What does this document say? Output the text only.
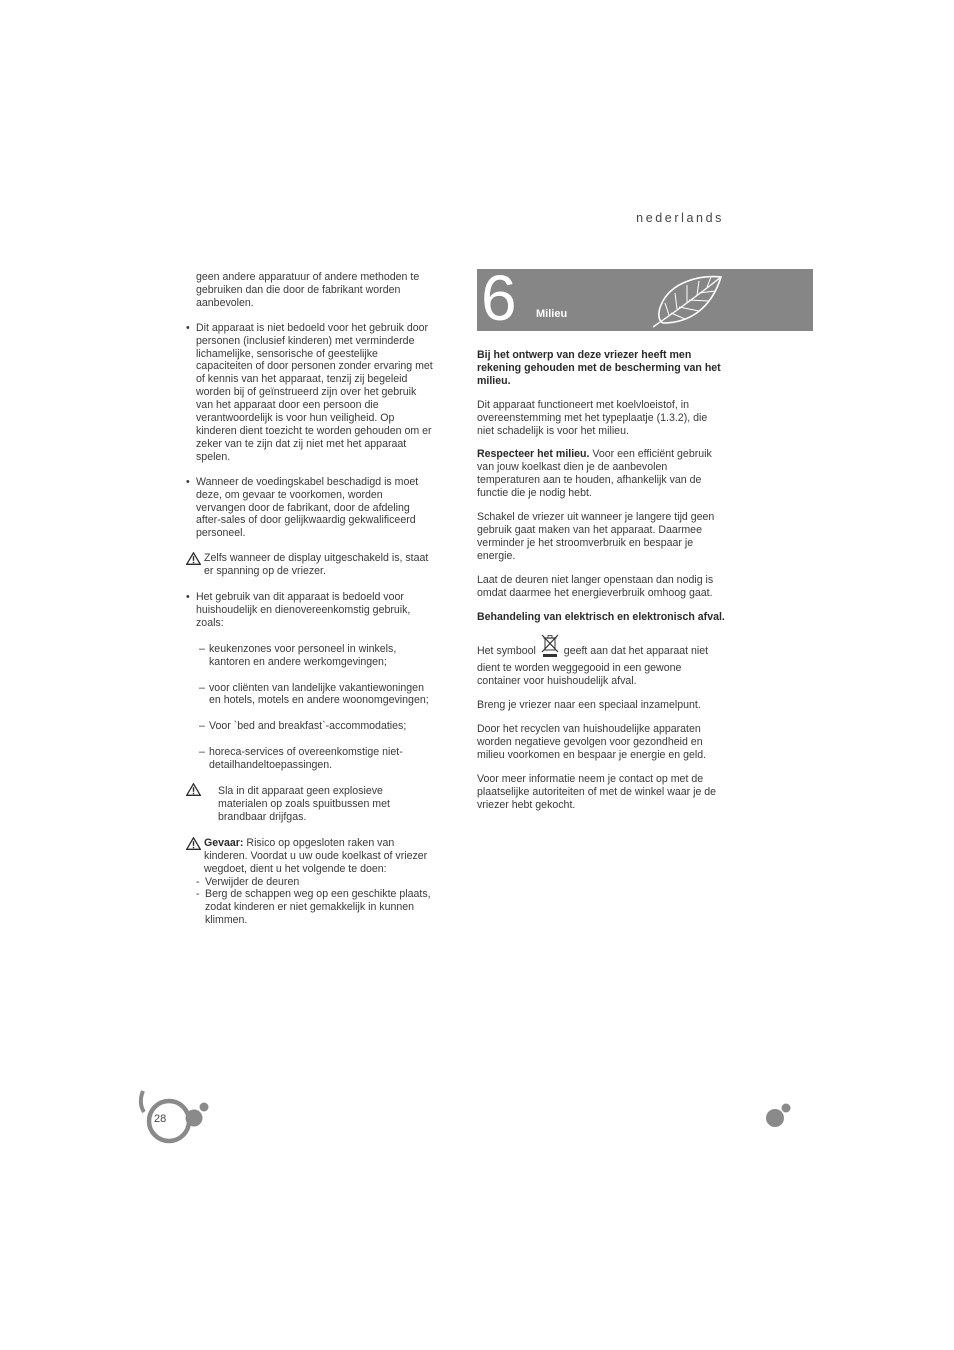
nederlands

geen andere apparatuur of andere methoden te gebruiken dan die door de fabrikant worden aanbevolen.

• Dit apparaat is niet bedoeld voor het gebruik door personen (inclusief kinderen) met verminderde lichamelijke, sensorische of geestelijke capaciteiten of door personen zonder ervaring met of kennis van het apparaat, tenzij zij begeleid worden bij of geïnstrueerd zijn over het gebruik van het apparaat door een persoon die verantwoordelijk is voor hun veiligheid. Op kinderen dient toezicht te worden gehouden om er zeker van te zijn dat zij niet met het apparaat spelen.

• Wanneer de voedingskabel beschadigd is moet deze, om gevaar te voorkomen, worden vervangen door de fabrikant, door de afdeling after-sales of door gelijkwaardig gekwalificeerd personeel.

Zelfs wanneer de display uitgeschakeld is, staat er spanning op de vriezer.

• Het gebruik van dit apparaat is bedoeld voor huishoudelijk en dienovereenkomstig gebruik, zoals:

– keukenzones voor personeel in winkels, kantoren en andere werkomgevingen;

– voor cliënten van landelijke vakantiewoningen en hotels, motels en andere woonomgevingen;

– Voor `bed and breakfast`-accommodaties;

– horeca-services of overeenkomstige niet-detailhandeltoepassingen.

Sla in dit apparaat geen explosieve materialen op zoals spuitbussen met brandbaar drijfgas.

Gevaar: Risico op opgesloten raken van kinderen. Voordat u uw oude koelkast of vriezer wegdoet, dient u het volgende te doen:

- Verwijder de deuren

- Berg de schappen weg op een geschikte plaats, zodat kinderen er niet gemakkelijk in kunnen klimmen.

6 Milieu

Bij het ontwerp van deze vriezer heeft men rekening gehouden met de bescherming van het milieu.

Dit apparaat functioneert met koelvloeistof, in overeenstemming met het typeplaatje (1.3.2), die niet schadelijk is voor het milieu.

Respecteer het milieu. Voor een efficiënt gebruik van jouw koelkast dien je de aanbevolen temperaturen aan te houden, afhankelijk van de functie die je nodig hebt.

Schakel de vriezer uit wanneer je langere tijd geen gebruik gaat maken van het apparaat. Daarmee verminder je het stroomverbruik en bespaar je energie.

Laat de deuren niet langer openstaan dan nodig is omdat daarmee het energieverbruik omhoog gaat.

Behandeling van elektrisch en elektronisch afval.

Het symbool	geeft aan dat het apparaat niet dient te worden weggegooid in een gewone container voor huishoudelijk afval.

Breng je vriezer naar een speciaal inzamelpunt.

Door het recyclen van huishoudelijke apparaten worden negatieve gevolgen voor gezondheid en milieu voorkomen en bespaar je energie en geld.

Voor meer informatie neem je contact op met de plaatselijke autoriteiten of met de winkel waar je de vriezer hebt gekocht.

28
